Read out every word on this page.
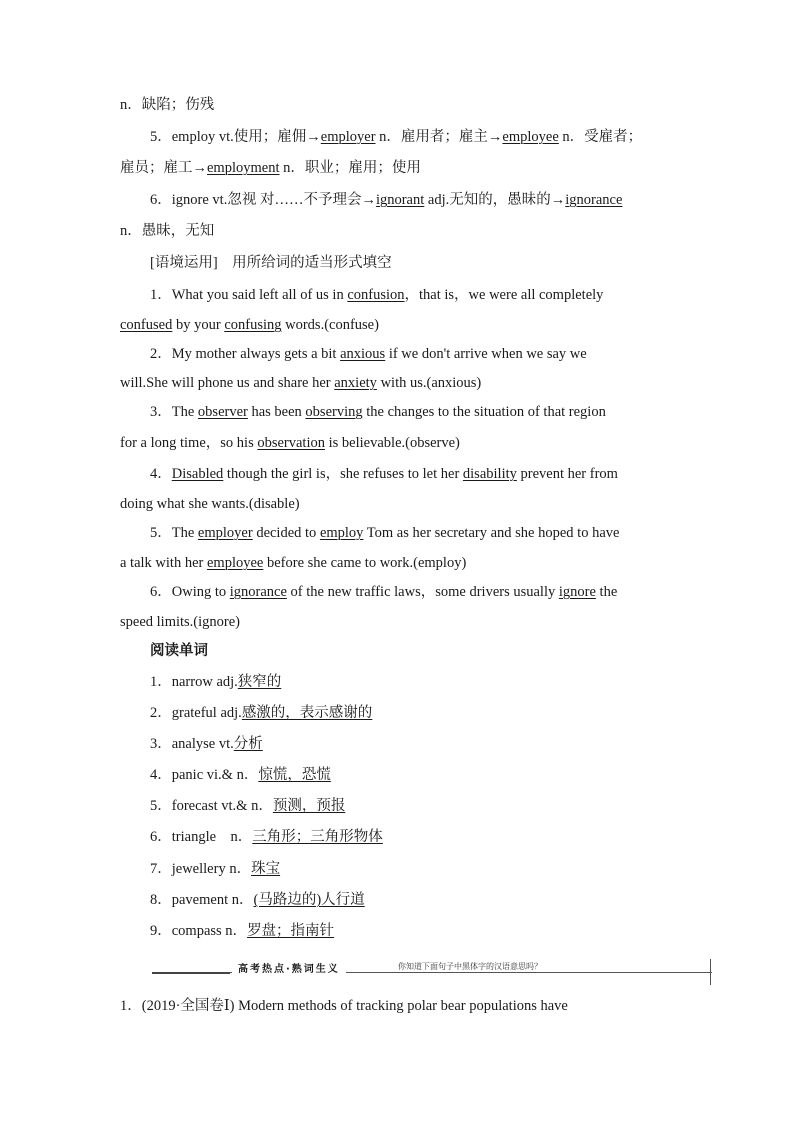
n．缺陷；伤残
5．employ vt.使用；雇佣→employer n．雇用者；雇主→employee n．受雇者；
雇员；雇工→employment n．职业；雇用；使用
6．ignore vt.忽视 对……不予理会→ignorant adj.无知的，愚昧的→ignorance
n．愚昧，无知
[语境运用]　用所给词的适当形式填空
1．What you said left all of us in confusion，that is，we were all completely
confused by your confusing words.(confuse)
2．My mother always gets a bit anxious if we don't arrive when we say we
will.She will phone us and share her anxiety with us.(anxious)
3．The observer has been observing the changes to the situation of that region
for a long time，so his observation is believable.(observe)
4．Disabled though the girl is，she refuses to let her disability prevent her from
doing what she wants.(disable)
5．The employer decided to employ Tom as her secretary and she hoped to have
a talk with her employee before she came to work.(employ)
6．Owing to ignorance of the new traffic laws，some drivers usually ignore the
speed limits.(ignore)
阅读单词
1．narrow adj.狭窄的
2．grateful adj.感激的，表示感谢的
3．analyse vt.分析
4．panic vi.& n．惊慌，恐慌
5．forecast vt.& n．预测，预报
6．triangle　n．三角形；三角形物体
7．jewellery n．珠宝
8．pavement n．(马路边的)人行道
9．compass n．罗盘；指南针
高考热点·熟词生义	你知道下面句子中黑体字的汉语意思吗？
1．(2019·全国卷Ⅰ) Modern methods of tracking polar bear populations have
